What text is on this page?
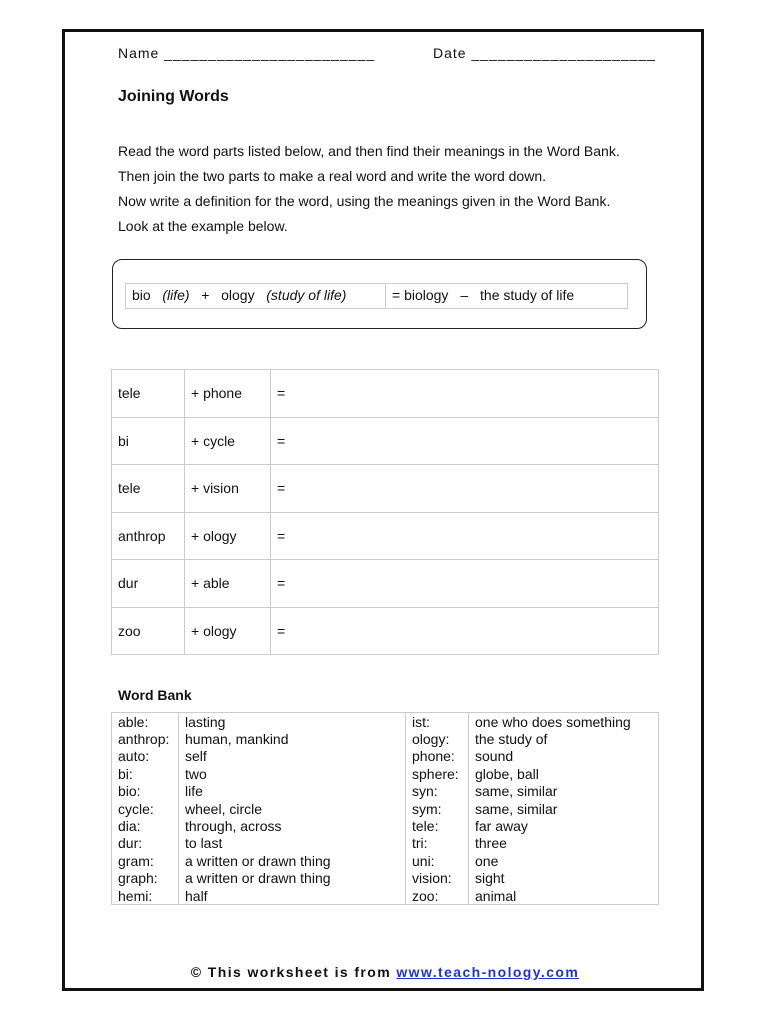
Name ________________________	Date _____________________
Joining Words
Read the word parts listed below, and then find their meanings in the Word Bank.
Then join the two parts to make a real word and write the word down.
Now write a definition for the word, using the meanings given in the Word Bank.
Look at the example below.
bio (life) + ology (study of life)	= biology – the study of life
tele	+ phone	=
bi	+ cycle	=
tele	+ vision	=
anthrop	+ ology	=
dur	+ able	=
zoo	+ ology	=
Word Bank
able:	lasting	ist:	one who does something
anthrop:	human, mankind	ology:	the study of
auto:	self	phone:	sound
bi:	two	sphere:	globe, ball
bio:	life	syn:	same, similar
cycle:	wheel, circle	sym:	same, similar
dia:	through, across	tele:	far away
dur:	to last	tri:	three
gram:	a written or drawn thing	uni:	one
graph:	a written or drawn thing	vision:	sight
hemi:	half	zoo:	animal
© This worksheet is from www.teach-nology.com
